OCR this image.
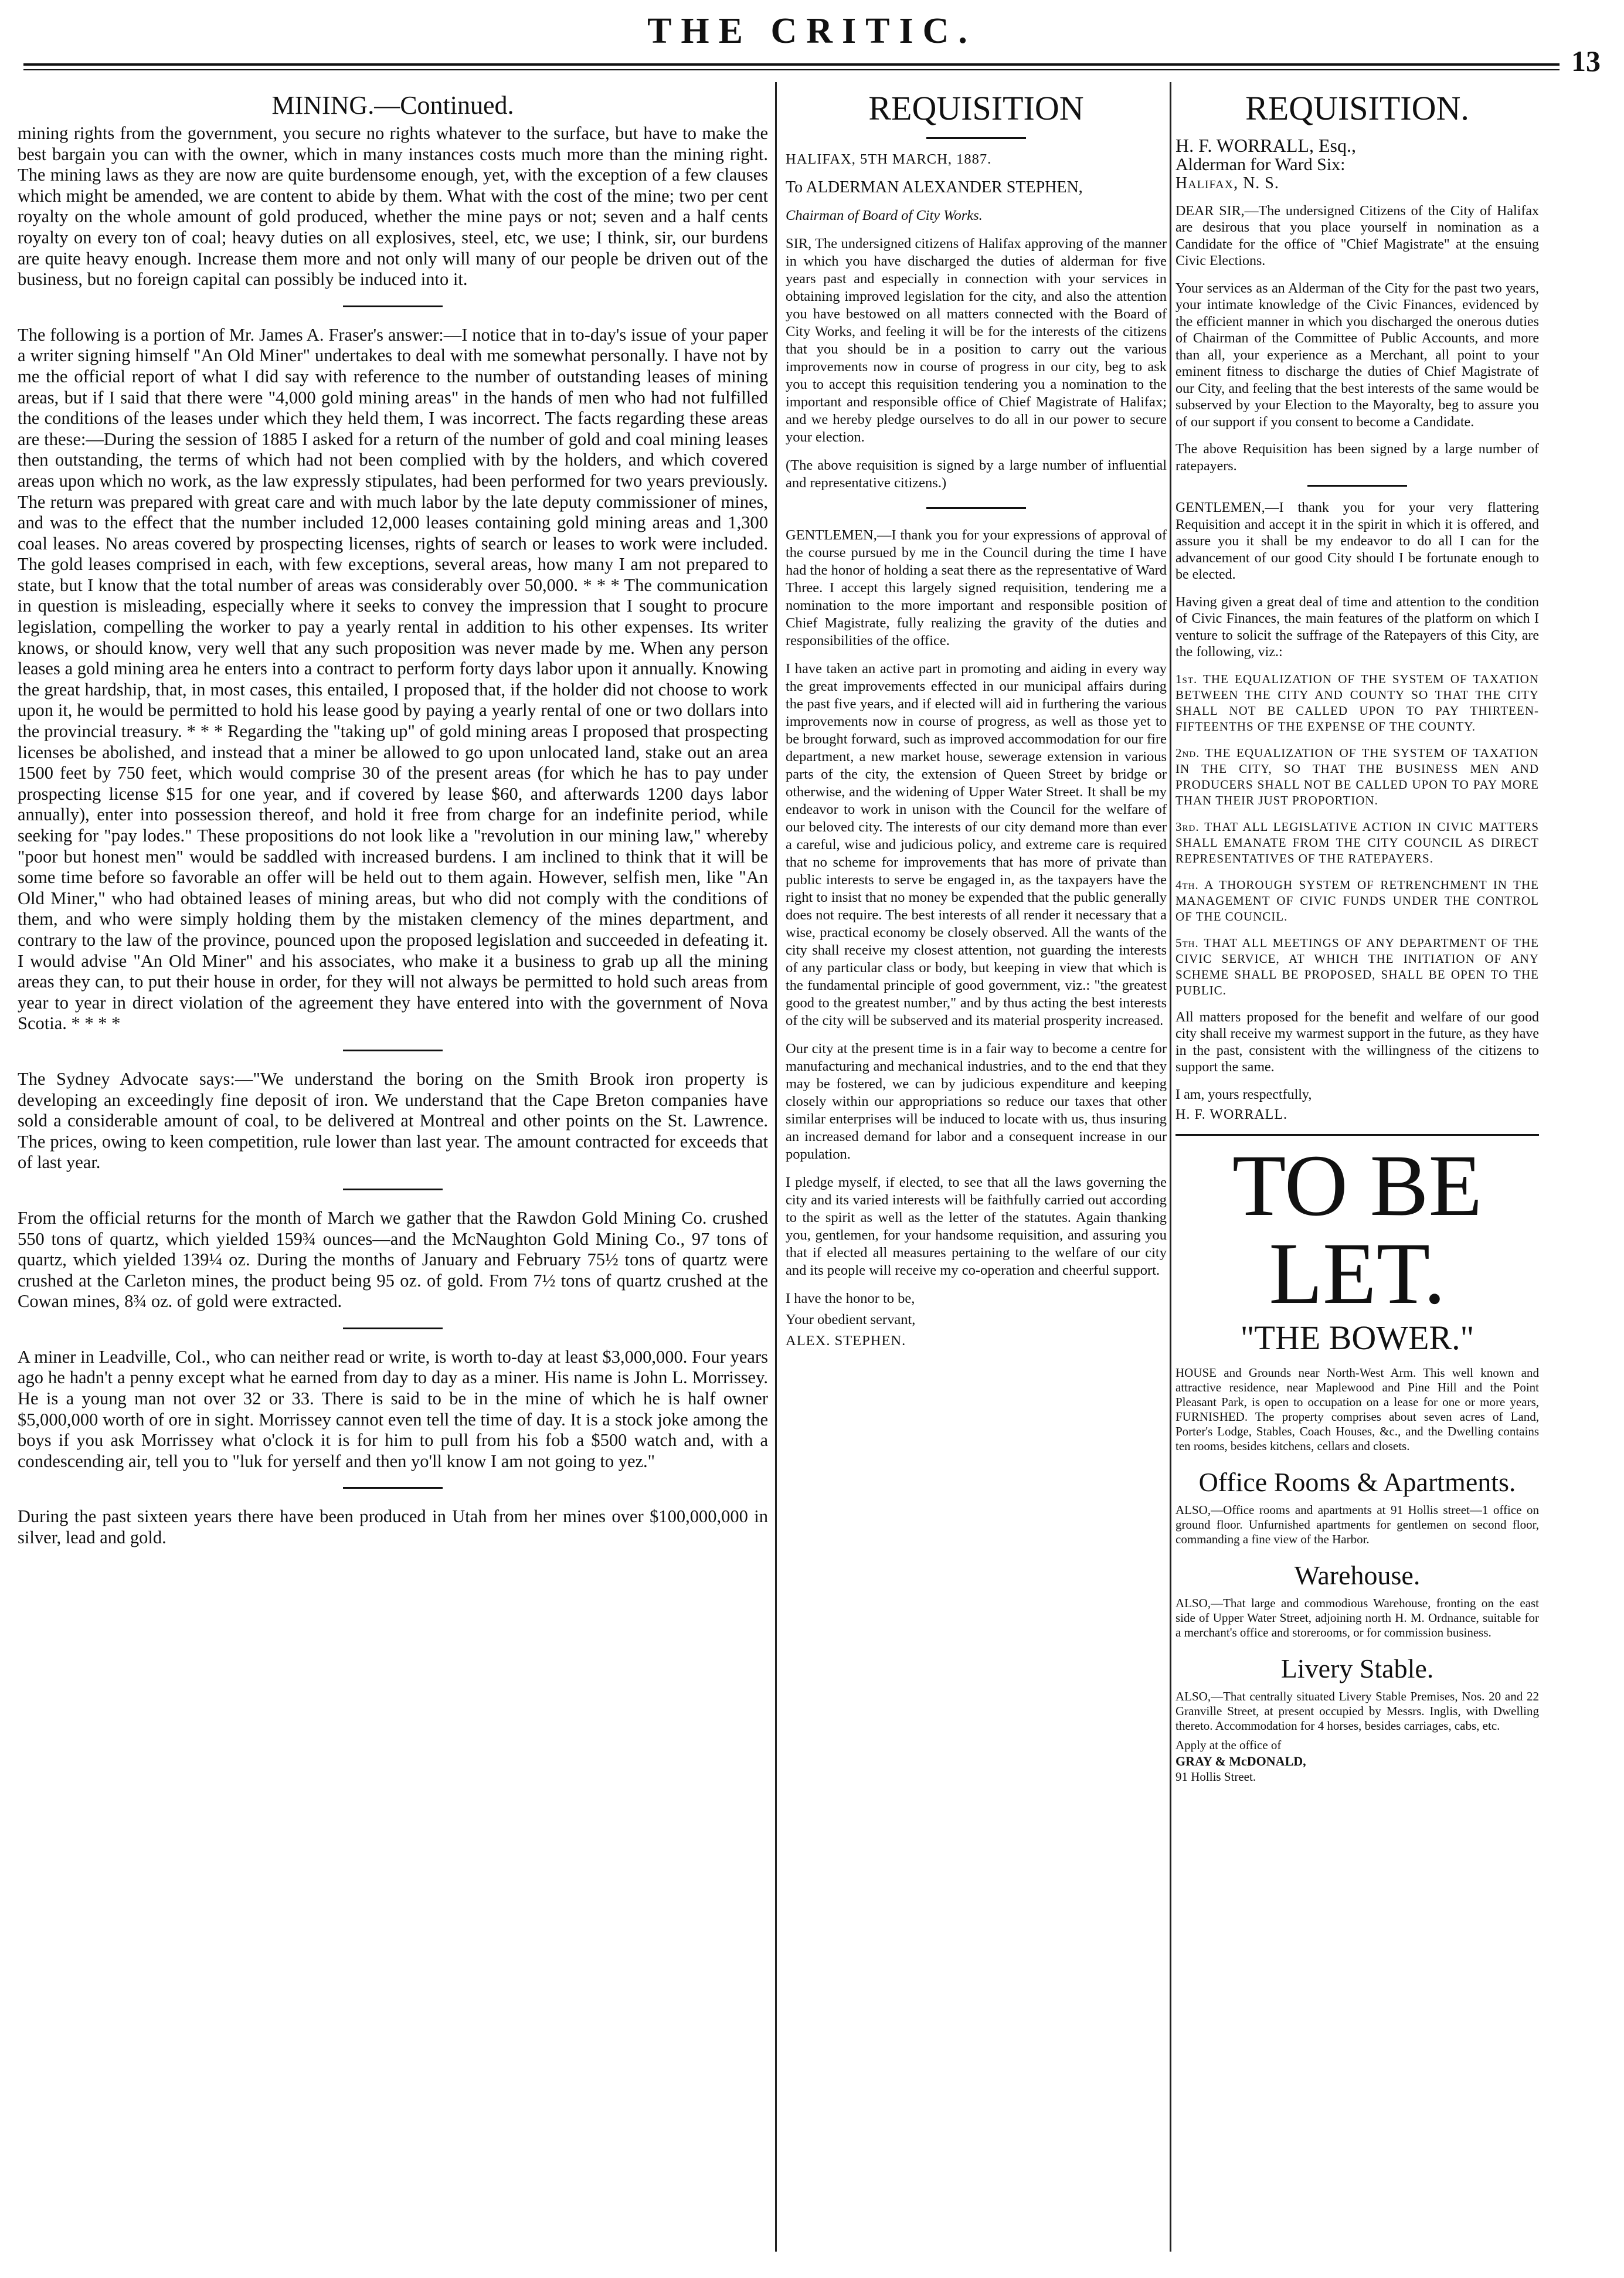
THE CRITIC.
13
MINING.—Continued.

mining rights from the government, you secure no rights whatever to the surface, but have to make the best bargain you can with the owner, which in many instances costs much more than the mining right. The mining laws as they are now are quite burdensome enough, yet, with the exception of a few clauses which might be amended, we are content to abide by them. What with the cost of the mine; two per cent royalty on the whole amount of gold produced, whether the mine pays or not; seven and a half cents royalty on every ton of coal; heavy duties on all explosives, steel, etc, we use; I think, sir, our burdens are quite heavy enough. Increase them more and not only will many of our people be driven out of the business, but no foreign capital can possibly be induced into it.

The following is a portion of Mr. James A. Fraser's answer:—I notice that in to-day's issue of your paper a writer signing himself "An Old Miner" undertakes to deal with me somewhat personally. I have not by me the official report of what I did say with reference to the number of outstanding leases of mining areas, but if I said that there were "4,000 gold mining areas" in the hands of men who had not fulfilled the conditions of the leases under which they held them, I was incorrect. The facts regarding these areas are these:—During the session of 1885 I asked for a return of the number of gold and coal mining leases then outstanding, the terms of which had not been complied with by the holders, and which covered areas upon which no work, as the law expressly stipulates, had been performed for two years previously. The return was prepared with great care and with much labor by the late deputy commissioner of mines, and was to the effect that the number included 12,000 leases containing gold mining areas and 1,300 coal leases. No areas covered by prospecting licenses, rights of search or leases to work were included. The gold leases comprised in each, with few exceptions, several areas, how many I am not prepared to state, but I know that the total number of areas was considerably over 50,000. * * * The communication in question is misleading, especially where it seeks to convey the impression that I sought to procure legislation, compelling the worker to pay a yearly rental in addition to his other expenses. Its writer knows, or should know, very well that any such proposition was never made by me. When any person leases a gold mining area he enters into a contract to perform forty days labor upon it annually. Knowing the great hardship, that, in most cases, this entailed, I proposed that, if the holder did not choose to work upon it, he would be permitted to hold his lease good by paying a yearly rental of one or two dollars into the provincial treasury. * * * Regarding the "taking up" of gold mining areas I proposed that prospecting licenses be abolished, and instead that a miner be allowed to go upon unlocated land, stake out an area 1500 feet by 750 feet, which would comprise 30 of the present areas (for which he has to pay under prospecting license $15 for one year, and if covered by lease $60, and afterwards 1200 days labor annually), enter into possession thereof, and hold it free from charge for an indefinite period, while seeking for "pay lodes." These propositions do not look like a "revolution in our mining law," whereby "poor but honest men" would be saddled with increased burdens. I am inclined to think that it will be some time before so favorable an offer will be held out to them again. However, selfish men, like "An Old Miner," who had obtained leases of mining areas, but who did not comply with the conditions of them, and who were simply holding them by the mistaken clemency of the mines department, and contrary to the law of the province, pounced upon the proposed legislation and succeeded in defeating it. I would advise "An Old Miner" and his associates, who make it a business to grab up all the mining areas they can, to put their house in order, for they will not always be permitted to hold such areas from year to year in direct violation of the agreement they have entered into with the government of Nova Scotia. * * * *

The Sydney Advocate says:—"We understand the boring on the Smith Brook iron property is developing an exceedingly fine deposit of iron. We understand that the Cape Breton companies have sold a considerable amount of coal, to be delivered at Montreal and other points on the St. Lawrence. The prices, owing to keen competition, rule lower than last year. The amount contracted for exceeds that of last year.

From the official returns for the month of March we gather that the Rawdon Gold Mining Co. crushed 550 tons of quartz, which yielded 159¾ ounces—and the McNaughton Gold Mining Co., 97 tons of quartz, which yielded 139¼ oz. During the months of January and February 75½ tons of quartz were crushed at the Carleton mines, the product being 95 oz. of gold. From 7½ tons of quartz crushed at the Cowan mines, 8¾ oz. of gold were extracted.

A miner in Leadville, Col., who can neither read or write, is worth to-day at least $3,000,000. Four years ago he hadn't a penny except what he earned from day to day as a miner. His name is John L. Morrissey. He is a young man not over 32 or 33. There is said to be in the mine of which he is half owner $5,000,000 worth of ore in sight. Morrissey cannot even tell the time of day. It is a stock joke among the boys if you ask Morrissey what o'clock it is for him to pull from his fob a $500 watch and, with a condescending air, tell you to "luk for yerself and then yo'll know I am not going to yez."

During the past sixteen years there have been produced in Utah from her mines over $100,000,000 in silver, lead and gold.

REQUISITION

HALIFAX, 5TH MARCH, 1887.

To ALDERMAN ALEXANDER STEPHEN,

Chairman of Board of City Works.

SIR, The undersigned citizens of Halifax approving of the manner in which you have discharged the duties of alderman for five years past and especially in connection with your services in obtaining improved legislation for the city, and also the attention you have bestowed on all matters connected with the Board of City Works, and feeling it will be for the interests of the citizens that you should be in a position to carry out the various improvements now in course of progress in our city, beg to ask you to accept this requisition tendering you a nomination to the important and responsible office of Chief Magistrate of Halifax; and we hereby pledge ourselves to do all in our power to secure your election.

(The above requisition is signed by a large number of influential and representative citizens.)

GENTLEMEN,—I thank you for your expressions of approval of the course pursued by me in the Council during the time I have had the honor of holding a seat there as the representative of Ward Three. I accept this largely signed requisition, tendering me a nomination to the more important and responsible position of Chief Magistrate, fully realizing the gravity of the duties and responsibilities of the office.

I have taken an active part in promoting and aiding in every way the great improvements effected in our municipal affairs during the past five years, and if elected will aid in furthering the various improvements now in course of progress, as well as those yet to be brought forward, such as improved accommodation for our fire department, a new market house, sewerage extension in various parts of the city, the extension of Queen Street by bridge or otherwise, and the widening of Upper Water Street. It shall be my endeavor to work in unison with the Council for the welfare of our beloved city. The interests of our city demand more than ever a careful, wise and judicious policy, and extreme care is required that no scheme for improvements that has more of private than public interests to serve be engaged in, as the taxpayers have the right to insist that no money be expended that the public generally does not require. The best interests of all render it necessary that a wise, practical economy be closely observed. All the wants of the city shall receive my closest attention, not guarding the interests of any particular class or body, but keeping in view that which is the fundamental principle of good government, viz.: "the greatest good to the greatest number," and by thus acting the best interests of the city will be subserved and its material prosperity increased.

Our city at the present time is in a fair way to become a centre for manufacturing and mechanical industries, and to the end that they may be fostered, we can by judicious expenditure and keeping closely within our appropriations so reduce our taxes that other similar enterprises will be induced to locate with us, thus insuring an increased demand for labor and a consequent increase in our population.

I pledge myself, if elected, to see that all the laws governing the city and its varied interests will be faithfully carried out according to the spirit as well as the letter of the statutes. Again thanking you, gentlemen, for your handsome requisition, and assuring you that if elected all measures pertaining to the welfare of our city and its people will receive my co-operation and cheerful support.

I have the honor to be,

Your obedient servant,

ALEX. STEPHEN.

REQUISITION.

H. F. WORRALL, Esq.,

Alderman for Ward Six:

Halifax, N. S.

DEAR SIR,—The undersigned Citizens of the City of Halifax are desirous that you place yourself in nomination as a Candidate for the office of "Chief Magistrate" at the ensuing Civic Elections.

Your services as an Alderman of the City for the past two years, your intimate knowledge of the Civic Finances, evidenced by the efficient manner in which you discharged the onerous duties of Chairman of the Committee of Public Accounts, and more than all, your experience as a Merchant, all point to your eminent fitness to discharge the duties of Chief Magistrate of our City, and feeling that the best interests of the same would be subserved by your Election to the Mayoralty, beg to assure you of our support if you consent to become a Candidate.

The above Requisition has been signed by a large number of ratepayers.

GENTLEMEN,—I thank you for your very flattering Requisition and accept it in the spirit in which it is offered, and assure you it shall be my endeavor to do all I can for the advancement of our good City should I be fortunate enough to be elected.

Having given a great deal of time and attention to the condition of Civic Finances, the main features of the platform on which I venture to solicit the suffrage of the Ratepayers of this City, are the following, viz.:

1st. THE EQUALIZATION OF THE SYSTEM OF TAXATION BETWEEN THE CITY AND COUNTY SO THAT THE CITY SHALL NOT BE CALLED UPON TO PAY THIRTEEN-FIFTEENTHS OF THE EXPENSE OF THE COUNTY.

2nd. THE EQUALIZATION OF THE SYSTEM OF TAXATION IN THE CITY, SO THAT THE BUSINESS MEN AND PRODUCERS SHALL NOT BE CALLED UPON TO PAY MORE THAN THEIR JUST PROPORTION.

3rd. THAT ALL LEGISLATIVE ACTION IN CIVIC MATTERS SHALL EMANATE FROM THE CITY COUNCIL AS DIRECT REPRESENTATIVES OF THE RATEPAYERS.

4th. A THOROUGH SYSTEM OF RETRENCHMENT IN THE MANAGEMENT OF CIVIC FUNDS UNDER THE CONTROL OF THE COUNCIL.

5th. THAT ALL MEETINGS OF ANY DEPARTMENT OF THE CIVIC SERVICE, AT WHICH THE INITIATION OF ANY SCHEME SHALL BE PROPOSED, SHALL BE OPEN TO THE PUBLIC.

All matters proposed for the benefit and welfare of our good city shall receive my warmest support in the future, as they have in the past, consistent with the willingness of the citizens to support the same.

I am, yours respectfully,

H. F. WORRALL.

TO BE LET.
"THE BOWER."

HOUSE and Grounds near North-West Arm. This well known and attractive residence, near Maplewood and Pine Hill and the Point Pleasant Park, is open to occupation on a lease for one or more years, FURNISHED. The property comprises about seven acres of Land, Porter's Lodge, Stables, Coach Houses, &c., and the Dwelling contains ten rooms, besides kitchens, cellars and closets.

Office Rooms & Apartments.

ALSO,—Office rooms and apartments at 91 Hollis street—1 office on ground floor. Unfurnished apartments for gentlemen on second floor, commanding a fine view of the Harbor.

Warehouse.

ALSO,—That large and commodious Warehouse, fronting on the east side of Upper Water Street, adjoining north H. M. Ordnance, suitable for a merchant's office and storerooms, or for commission business.

Livery Stable.

ALSO,—That centrally situated Livery Stable Premises, Nos. 20 and 22 Granville Street, at present occupied by Messrs. Inglis, with Dwelling thereto. Accommodation for 4 horses, besides carriages, cabs, etc.

Apply at the office of

GRAY & McDONALD,

91 Hollis Street.
